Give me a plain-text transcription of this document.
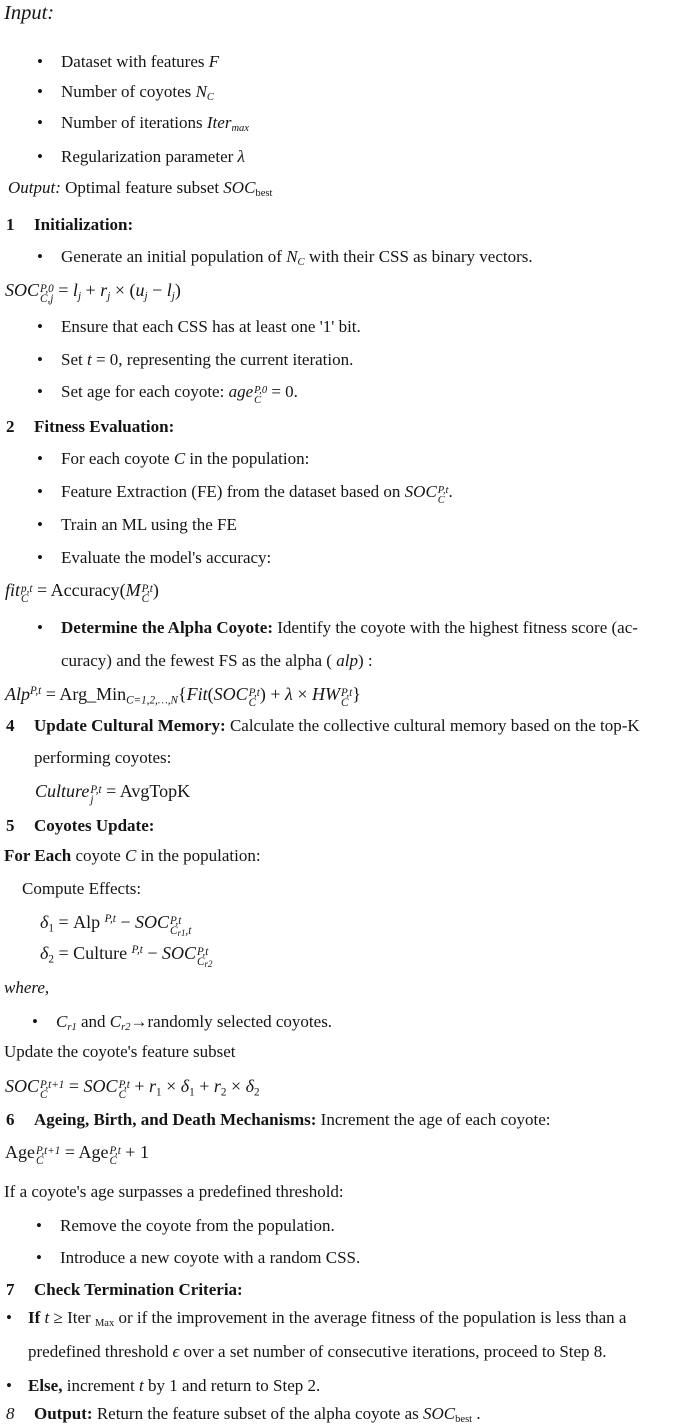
Input:
• Dataset with features F
• Number of coyotes $N_C$
• Number of iterations Iter$_{max}$
• Regularization parameter λ
Output: Optimal feature subset $SOC_{best}$
1 Initialization:
• Generate an initial population of $N_C$ with their CSS as binary vectors.
SOC P,0
$C,j = l_j + r_j \times (u_j - l_j)$
• Ensure that each CSS has at least one '1' bit.
• Set t = 0, representing the current iteration.
• Set age for each coyote: age P,0
C = 0.
2 Fitness Evaluation:
• For each coyote C in the population:
• Feature Extraction (FE) from the dataset based on SOC P,t
C .
• Train an ML using the FE
• Evaluate the model's accuracy:
fit p,t
C = Accuracy(M P,t
C )
• Determine the Alpha Coyote: Identify the coyote with the highest fitness score (ac-
curacy) and the fewest FS as the alpha ( alp) :
Alp$^{P,t}$ = Arg_Min$_{C=1,2,\dots,N}${Fit(SOC P,t
C ) + λ × HW P,t
C }
4 Update Cultural Memory: Calculate the collective cultural memory based on the top-K
performing coyotes:
Culture P,t
j = AvgTopK
5 Coyotes Update:
For Each coyote C in the population:
Compute Effects:
$\delta_1$ = Alp $^{P,t}$ − SOC P,t
$C_{r1},t$
$\delta_2$ = Culture $^{P,t}$ − SOC P,t
$C_{r2}$
where,
• $C_{r1}$ and $C_{r2}\to randomly$ selected coyotes.
Update the coyote's feature subset
SOC P,t+1
C = SOC P,t
$C + r_1 \times \delta_1 + r_2 \times \delta_2$
6 Ageing, Birth, and Death Mechanisms: Increment the age of each coyote:
Age P,t+1
C = Age P,t
C + 1
If a coyote's age surpasses a predefined threshold:
• Remove the coyote from the population.
• Introduce a new coyote with a random CSS.
7 Check Termination Criteria:
• If t ≥ Iter $_{Max}$ or if the improvement in the average fitness of the population is less than a
predefined threshold ϵ over a set number of consecutive iterations, proceed to Step 8.
• Else, increment t by 1 and return to Step 2.
8 Output: Return the feature subset of the alpha coyote as $SOC_{best}$ .
